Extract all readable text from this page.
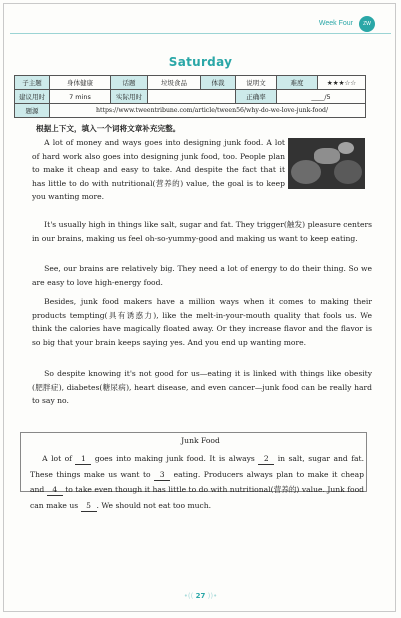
Week Four	ZW
Saturday
子主题	身体健康	话题	垃圾食品	体裁	说明文	难度	★★★☆☆
建议用时	7 mins	实际用时			正确率	____/5	
题源	https://www.tweentribune.com/article/tween56/why-do-we-love-junk-food/						
根据上下文，填入一个词将文章补充完整。

A lot of money and ways goes into designing junk food. A lot of hard work also goes into designing junk food, too. People plan to make it cheap and easy to take. And despite the fact that it has little to do with nutritional(营养的) value, the goal is to keep you wanting more.

It's usually high in things like salt, sugar and fat. They trigger(触发) pleasure centers in our brains, making us feel oh-so-yummy-good and making us want to keep eating.

See, our brains are relatively big. They need a lot of energy to do their thing. So we are easy to love high-energy food.

Besides, junk food makers have a million ways when it comes to making their products tempting(具有诱惑力), like the melt-in-your-mouth quality that fools us. We think the calories have magically floated away. Or they increase flavor and the flavor is so big that your brain keeps saying yes. And you end up wanting more.

So despite knowing it's not good for us—eating it is linked with things like obesity (肥胖症), diabetes(糖尿病), heart disease, and even cancer—junk food can be really hard to say no.

Junk Food

A lot of 1 goes into making junk food. It is always 2 in salt, sugar and fat. These things make us want to 3 eating. Producers always plan to make it cheap and 4 to take even though it has little to do with nutritional(营养的) value. Junk food can make us 5 . We should not eat too much.

•(( 27 ))•
